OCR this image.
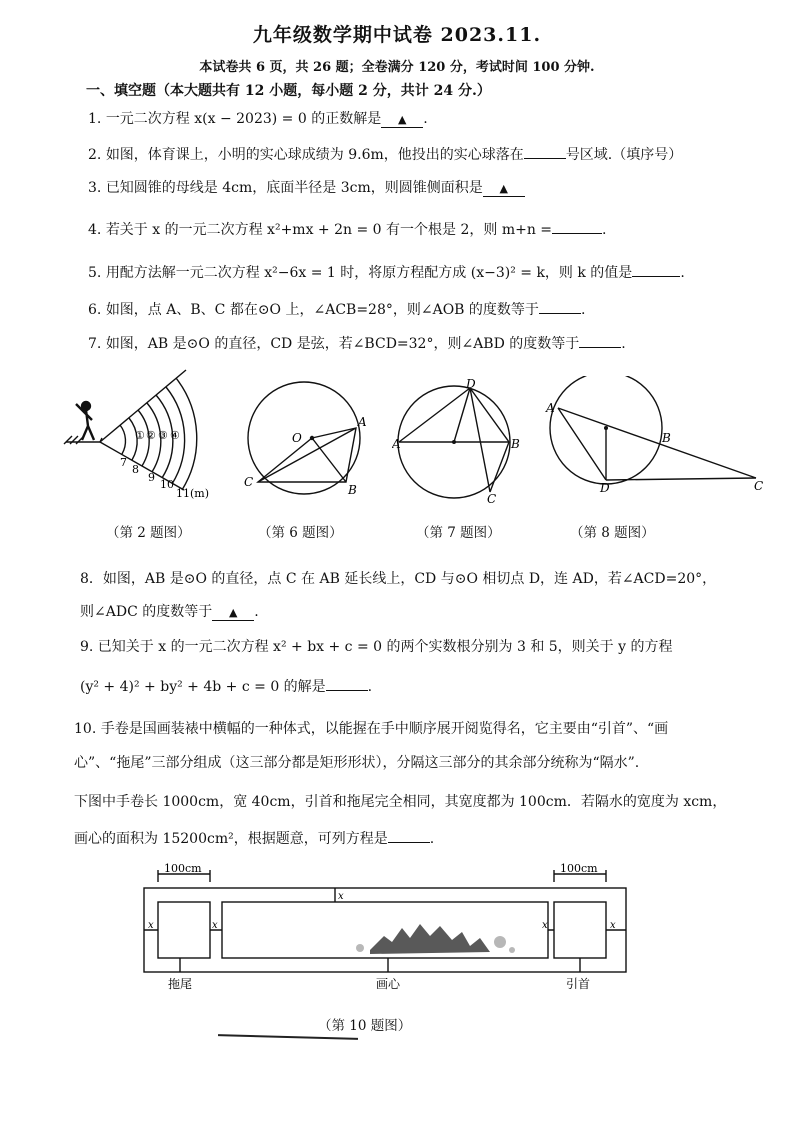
九年级数学期中试卷 2023.11.
本试卷共 6 页，共 26 题；全卷满分 120 分，考试时间 100 分钟.
一、填空题（本大题共有 12 小题，每小题 2 分，共计 24 分.）
1. 一元二次方程 x(x − 2023) = 0 的正数解是 ▲ .
2. 如图，体育课上，小明的实心球成绩为 9.6m，他投出的实心球落在	号区域.（填序号）
3. 已知圆锥的母线是 4cm，底面半径是 3cm，则圆锥侧面积是 ▲
4. 若关于 x 的一元二次方程 x²+mx + 2n = 0 有一个根是 2，则 m+n =	.
5. 用配方法解一元二次方程 x²−6x = 1 时，将原方程配方成 (x−3)² = k，则 k 的值是	.
6. 如图，点 A、B、C 都在⊙O 上，∠ACB=28°，则∠AOB 的度数等于	.
7. 如图，AB 是⊙O 的直径，CD 是弦，若∠BCD=32°，则∠ABD 的度数等于	.
① ② ③ ④
7
8
9
10
11(m)
O
A
B
C
D
A	B
C
A
B
C
D
（第 2 题图）	（第 6 题图）	（第 7 题图）	（第 8 题图）
8．如图，AB 是⊙O 的直径，点 C 在 AB 延长线上，CD 与⊙O 相切点 D，连 AD，若∠ACD=20°，
则∠ADC 的度数等于 ▲ .
9. 已知关于 x 的一元二次方程 x² + bx + c = 0 的两个实数根分别为 3 和 5，则关于 y 的方程
(y² + 4)² + by² + 4b + c = 0 的解是	.
10. 手卷是国画装裱中横幅的一种体式，以能握在手中顺序展开阅览得名，它主要由“引首”、“画
心”、“拖尾”三部分组成（这三部分都是矩形形状），分隔这三部分的其余部分统称为“隔水”.
下图中手卷长 1000cm，宽 40cm，引首和拖尾完全相同，其宽度都为 100cm．若隔水的宽度为 xcm，
画心的面积为 15200cm²，根据题意，可列方程是	.
100cm	100cm
x
x	x	x	x
拖尾	画心	引首
（第 10 题图）
